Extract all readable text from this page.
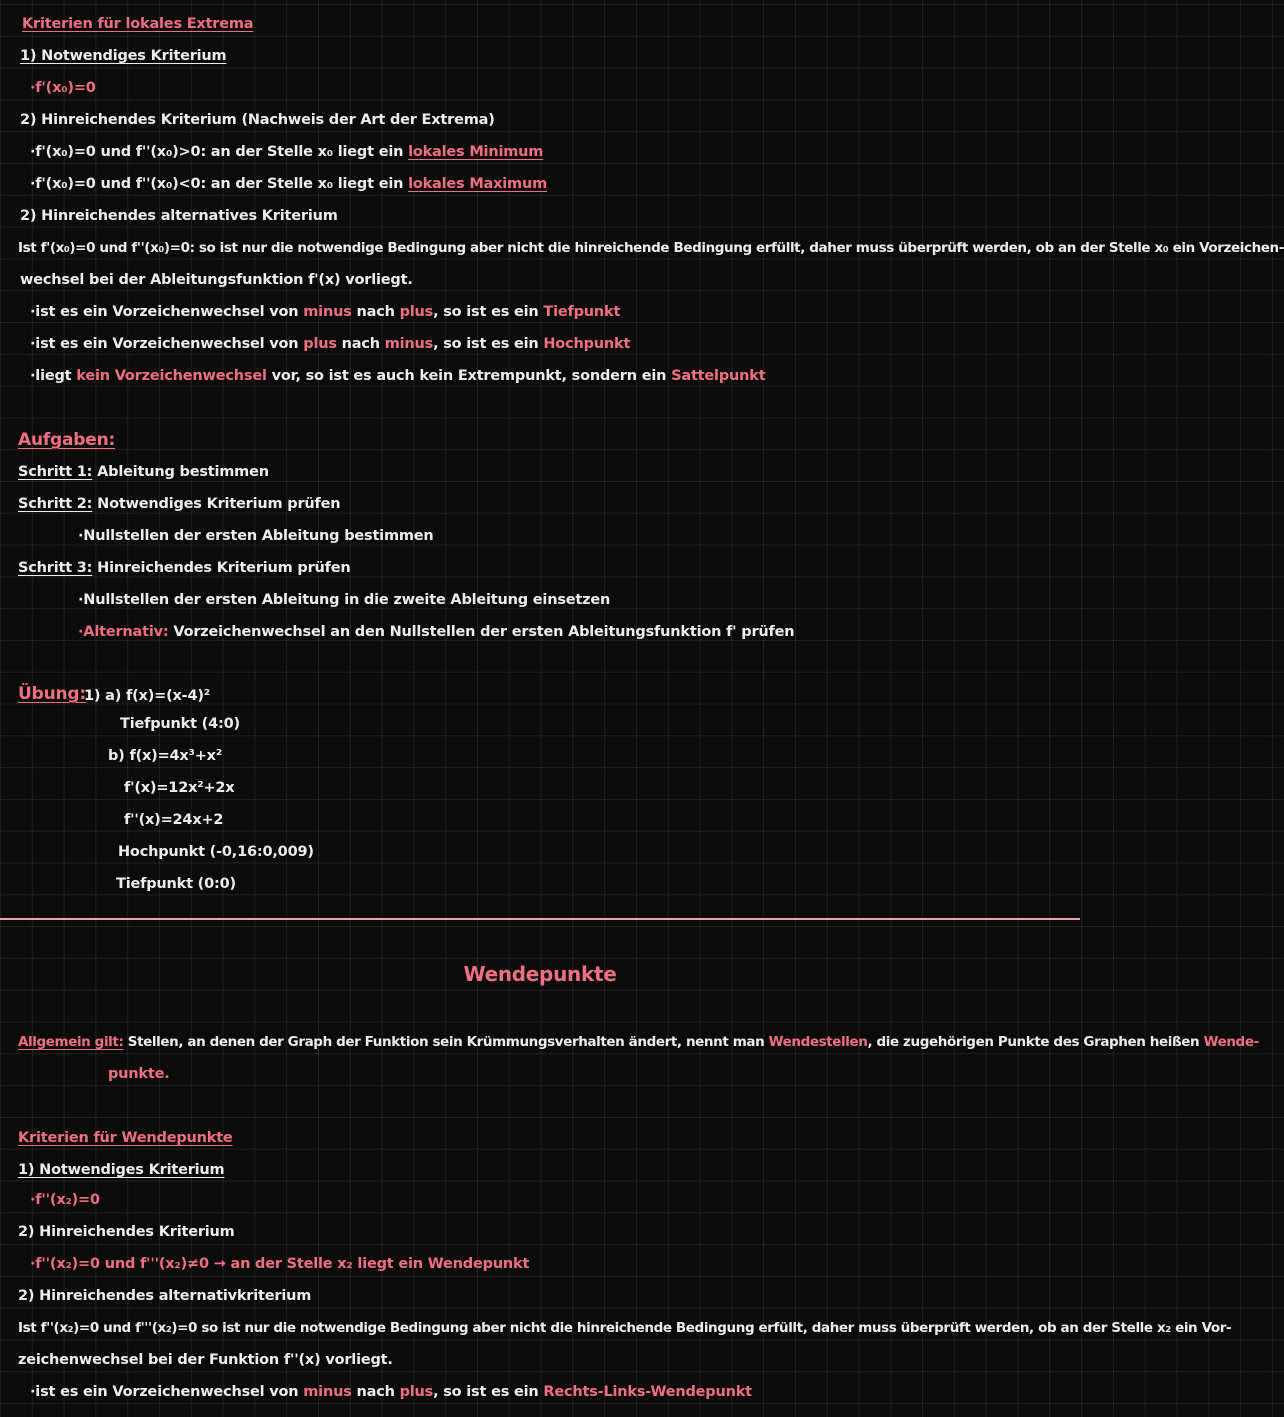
Kriterien für lokales Extrema
1) Notwendiges Kriterium
·f'(x₀)=0
2) Hinreichendes Kriterium (Nachweis der Art der Extrema)
·f'(x₀)=0 und f''(x₀)>0: an der Stelle x₀ liegt ein lokales Minimum
·f'(x₀)=0 und f''(x₀)<0: an der Stelle x₀ liegt ein lokales Maximum
2) Hinreichendes alternatives Kriterium
Ist f'(x₀)=0 und f''(x₀)=0: so ist nur die notwendige Bedingung aber nicht die hinreichende Bedingung erfüllt, daher muss überprüft werden, ob an der Stelle x₀ ein Vorzeichen-
wechsel bei der Ableitungsfunktion f'(x) vorliegt.
·ist es ein Vorzeichenwechsel von minus nach plus, so ist es ein Tiefpunkt
·ist es ein Vorzeichenwechsel von plus nach minus, so ist es ein Hochpunkt
·liegt kein Vorzeichenwechsel vor, so ist es auch kein Extrempunkt, sondern ein Sattelpunkt
Aufgaben:
Schritt 1: Ableitung bestimmen
Schritt 2: Notwendiges Kriterium prüfen
·Nullstellen der ersten Ableitung bestimmen
Schritt 3: Hinreichendes Kriterium prüfen
·Nullstellen der ersten Ableitung in die zweite Ableitung einsetzen
·Alternativ: Vorzeichenwechsel an den Nullstellen der ersten Ableitungsfunktion f' prüfen
Übung:
1) a) f(x)=(x-4)²
Tiefpunkt (4:0)
b) f(x)=4x³+x²
f'(x)=12x²+2x
f''(x)=24x+2
Hochpunkt (-0,16:0,009)
Tiefpunkt (0:0)
Wendepunkte
Allgemein gilt: Stellen, an denen der Graph der Funktion sein Krümmungsverhalten ändert, nennt man Wendestellen, die zugehörigen Punkte des Graphen heißen Wende-
punkte.
Kriterien für Wendepunkte
1) Notwendiges Kriterium
·f''(x₂)=0
2) Hinreichendes Kriterium
·f''(x₂)=0 und f'''(x₂)≠0 → an der Stelle x₂ liegt ein Wendepunkt
2) Hinreichendes alternativkriterium
Ist f''(x₂)=0 und f'''(x₂)=0 so ist nur die notwendige Bedingung aber nicht die hinreichende Bedingung erfüllt, daher muss überprüft werden, ob an der Stelle x₂ ein Vor-
zeichenwechsel bei der Funktion f''(x) vorliegt.
·ist es ein Vorzeichenwechsel von minus nach plus, so ist es ein Rechts-Links-Wendepunkt
